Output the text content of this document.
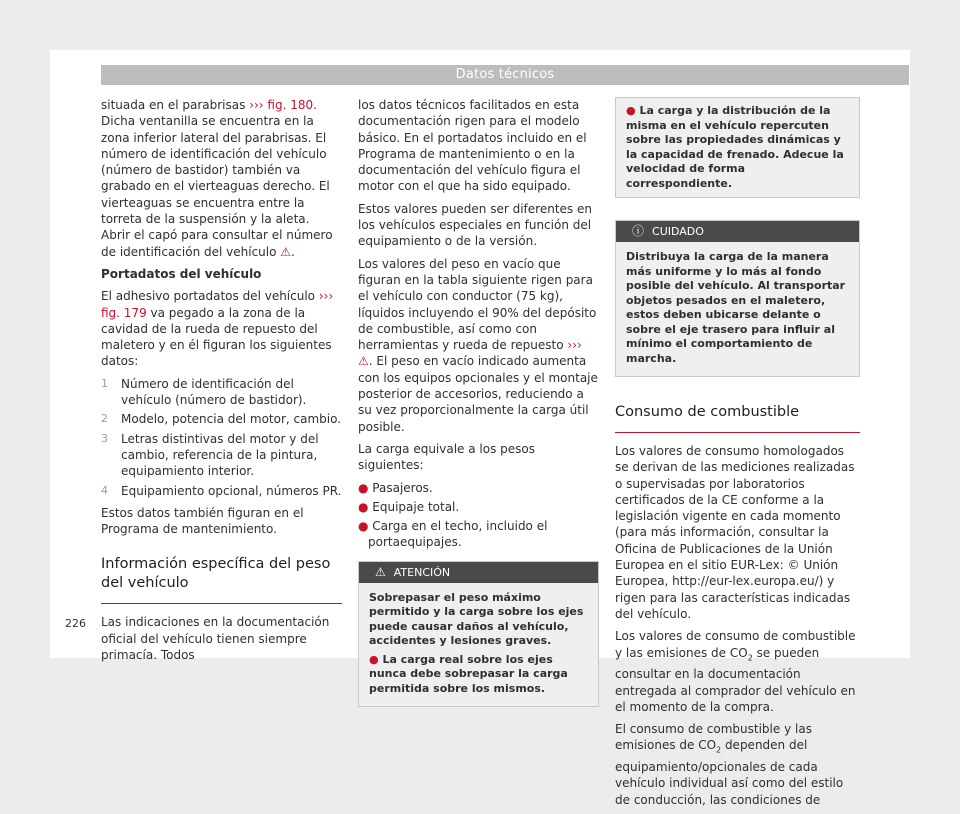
Datos técnicos

situada en el parabrisas ››› fig. 180. Dicha ventanilla se encuentra en la zona inferior lateral del parabrisas. El número de identificación del vehículo (número de bastidor) también va grabado en el vierteaguas derecho. El vierteaguas se encuentra entre la torreta de la suspensión y la aleta. Abrir el capó para consultar el número de identificación del vehículo ⚠.

Portadatos del vehículo

El adhesivo portadatos del vehículo ››› fig. 179 va pegado a la zona de la cavidad de la rueda de repuesto del maletero y en él figuran los siguientes datos:

1	Número de identificación del vehículo (número de bastidor).
2	Modelo, potencia del motor, cambio.
3	Letras distintivas del motor y del cambio, referencia de la pintura, equipamiento interior.
4	Equipamiento opcional, números PR.

Estos datos también figuran en el Programa de mantenimiento.

Información específica del peso del vehículo

Las indicaciones en la documentación oficial del vehículo tienen siempre primacía. Todos

los datos técnicos facilitados en esta documentación rigen para el modelo básico. En el portadatos incluido en el Programa de mantenimiento o en la documentación del vehículo figura el motor con el que ha sido equipado.

Estos valores pueden ser diferentes en los vehículos especiales en función del equipamiento o de la versión.

Los valores del peso en vacío que figuran en la tabla siguiente rigen para el vehículo con conductor (75 kg), líquidos incluyendo el 90% del depósito de combustible, así como con herramientas y rueda de repuesto ››› ⚠. El peso en vacío indicado aumenta con los equipos opcionales y el montaje posterior de accesorios, reduciendo a su vez proporcionalmente la carga útil posible.

La carga equivale a los pesos siguientes:

● Pasajeros.
● Equipaje total.
● Carga en el techo, incluido el portaequipajes.
⚠ ATENCIÓN

Sobrepasar el peso máximo permitido y la carga sobre los ejes puede causar daños al vehículo, accidentes y lesiones graves.

● La carga real sobre los ejes nunca debe sobrepasar la carga permitida sobre los mismos.

● La carga y la distribución de la misma en el vehículo repercuten sobre las propiedades dinámicas y la capacidad de frenado. Adecue la velocidad de forma correspondiente.
ⓘ CUIDADO

Distribuya la carga de la manera más uniforme y lo más al fondo posible del vehículo. Al transportar objetos pesados en el maletero, estos deben ubicarse delante o sobre el eje trasero para influir al mínimo el comportamiento de marcha.

Consumo de combustible

Los valores de consumo homologados se derivan de las mediciones realizadas o supervisadas por laboratorios certificados de la CE conforme a la legislación vigente en cada momento (para más información, consultar la Oficina de Publicaciones de la Unión Europea en el sitio EUR-Lex: © Unión Europea, http://eur-lex.europa.eu/) y rigen para las características indicadas del vehículo.

Los valores de consumo de combustible y las emisiones de $CO_2$ se pueden consultar en la documentación entregada al comprador del vehículo en el momento de la compra.

El consumo de combustible y las emisiones de $CO_2$ dependen del equipamiento/opcionales de cada vehículo individual así como del estilo de conducción, las condiciones de

226
